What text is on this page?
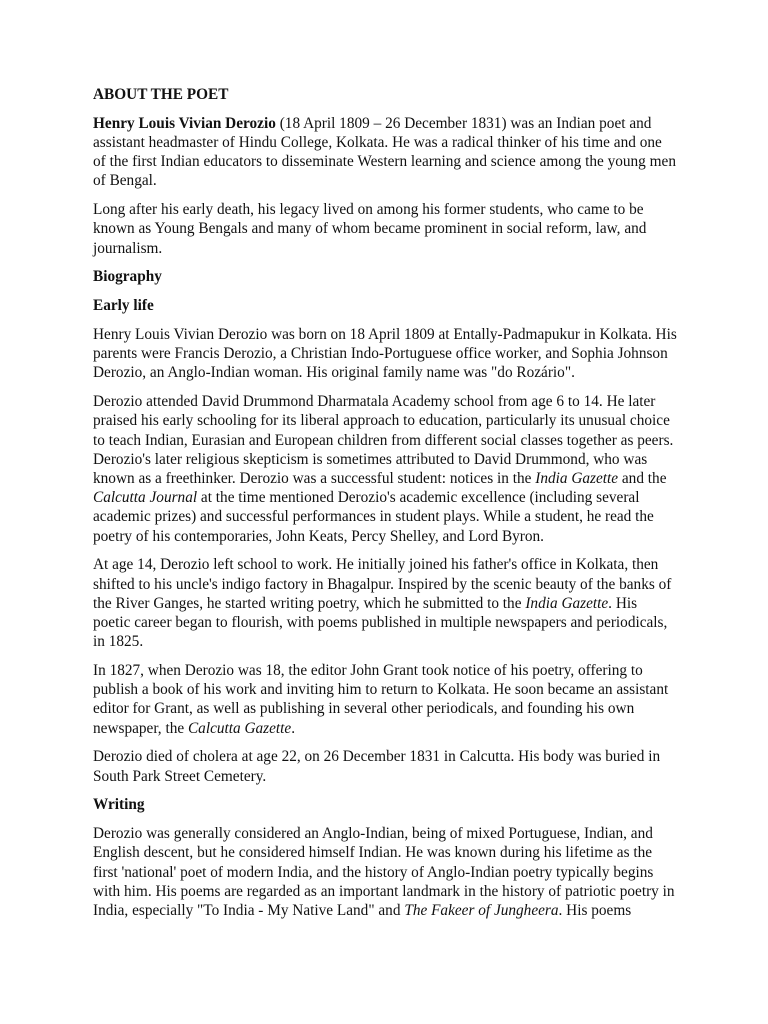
ABOUT THE POET

Henry Louis Vivian Derozio (18 April 1809 – 26 December 1831) was an Indian poet and assistant headmaster of Hindu College, Kolkata. He was a radical thinker of his time and one of the first Indian educators to disseminate Western learning and science among the young men of Bengal.

Long after his early death, his legacy lived on among his former students, who came to be known as Young Bengals and many of whom became prominent in social reform, law, and journalism.

Biography

Early life

Henry Louis Vivian Derozio was born on 18 April 1809 at Entally-Padmapukur in Kolkata. His parents were Francis Derozio, a Christian Indo-Portuguese office worker, and Sophia Johnson Derozio, an Anglo-Indian woman. His original family name was "do Rozário".

Derozio attended David Drummond Dharmatala Academy school from age 6 to 14. He later praised his early schooling for its liberal approach to education, particularly its unusual choice to teach Indian, Eurasian and European children from different social classes together as peers. Derozio's later religious skepticism is sometimes attributed to David Drummond, who was known as a freethinker. Derozio was a successful student: notices in the India Gazette and the Calcutta Journal at the time mentioned Derozio's academic excellence (including several academic prizes) and successful performances in student plays. While a student, he read the poetry of his contemporaries, John Keats, Percy Shelley, and Lord Byron.

At age 14, Derozio left school to work. He initially joined his father's office in Kolkata, then shifted to his uncle's indigo factory in Bhagalpur. Inspired by the scenic beauty of the banks of the River Ganges, he started writing poetry, which he submitted to the India Gazette. His poetic career began to flourish, with poems published in multiple newspapers and periodicals, in 1825.

In 1827, when Derozio was 18, the editor John Grant took notice of his poetry, offering to publish a book of his work and inviting him to return to Kolkata. He soon became an assistant editor for Grant, as well as publishing in several other periodicals, and founding his own newspaper, the Calcutta Gazette.

Derozio died of cholera at age 22, on 26 December 1831 in Calcutta. His body was buried in South Park Street Cemetery.

Writing

Derozio was generally considered an Anglo-Indian, being of mixed Portuguese, Indian, and English descent, but he considered himself Indian. He was known during his lifetime as the first 'national' poet of modern India, and the history of Anglo-Indian poetry typically begins with him. His poems are regarded as an important landmark in the history of patriotic poetry in India, especially "To India - My Native Land" and The Fakeer of Jungheera. His poems
